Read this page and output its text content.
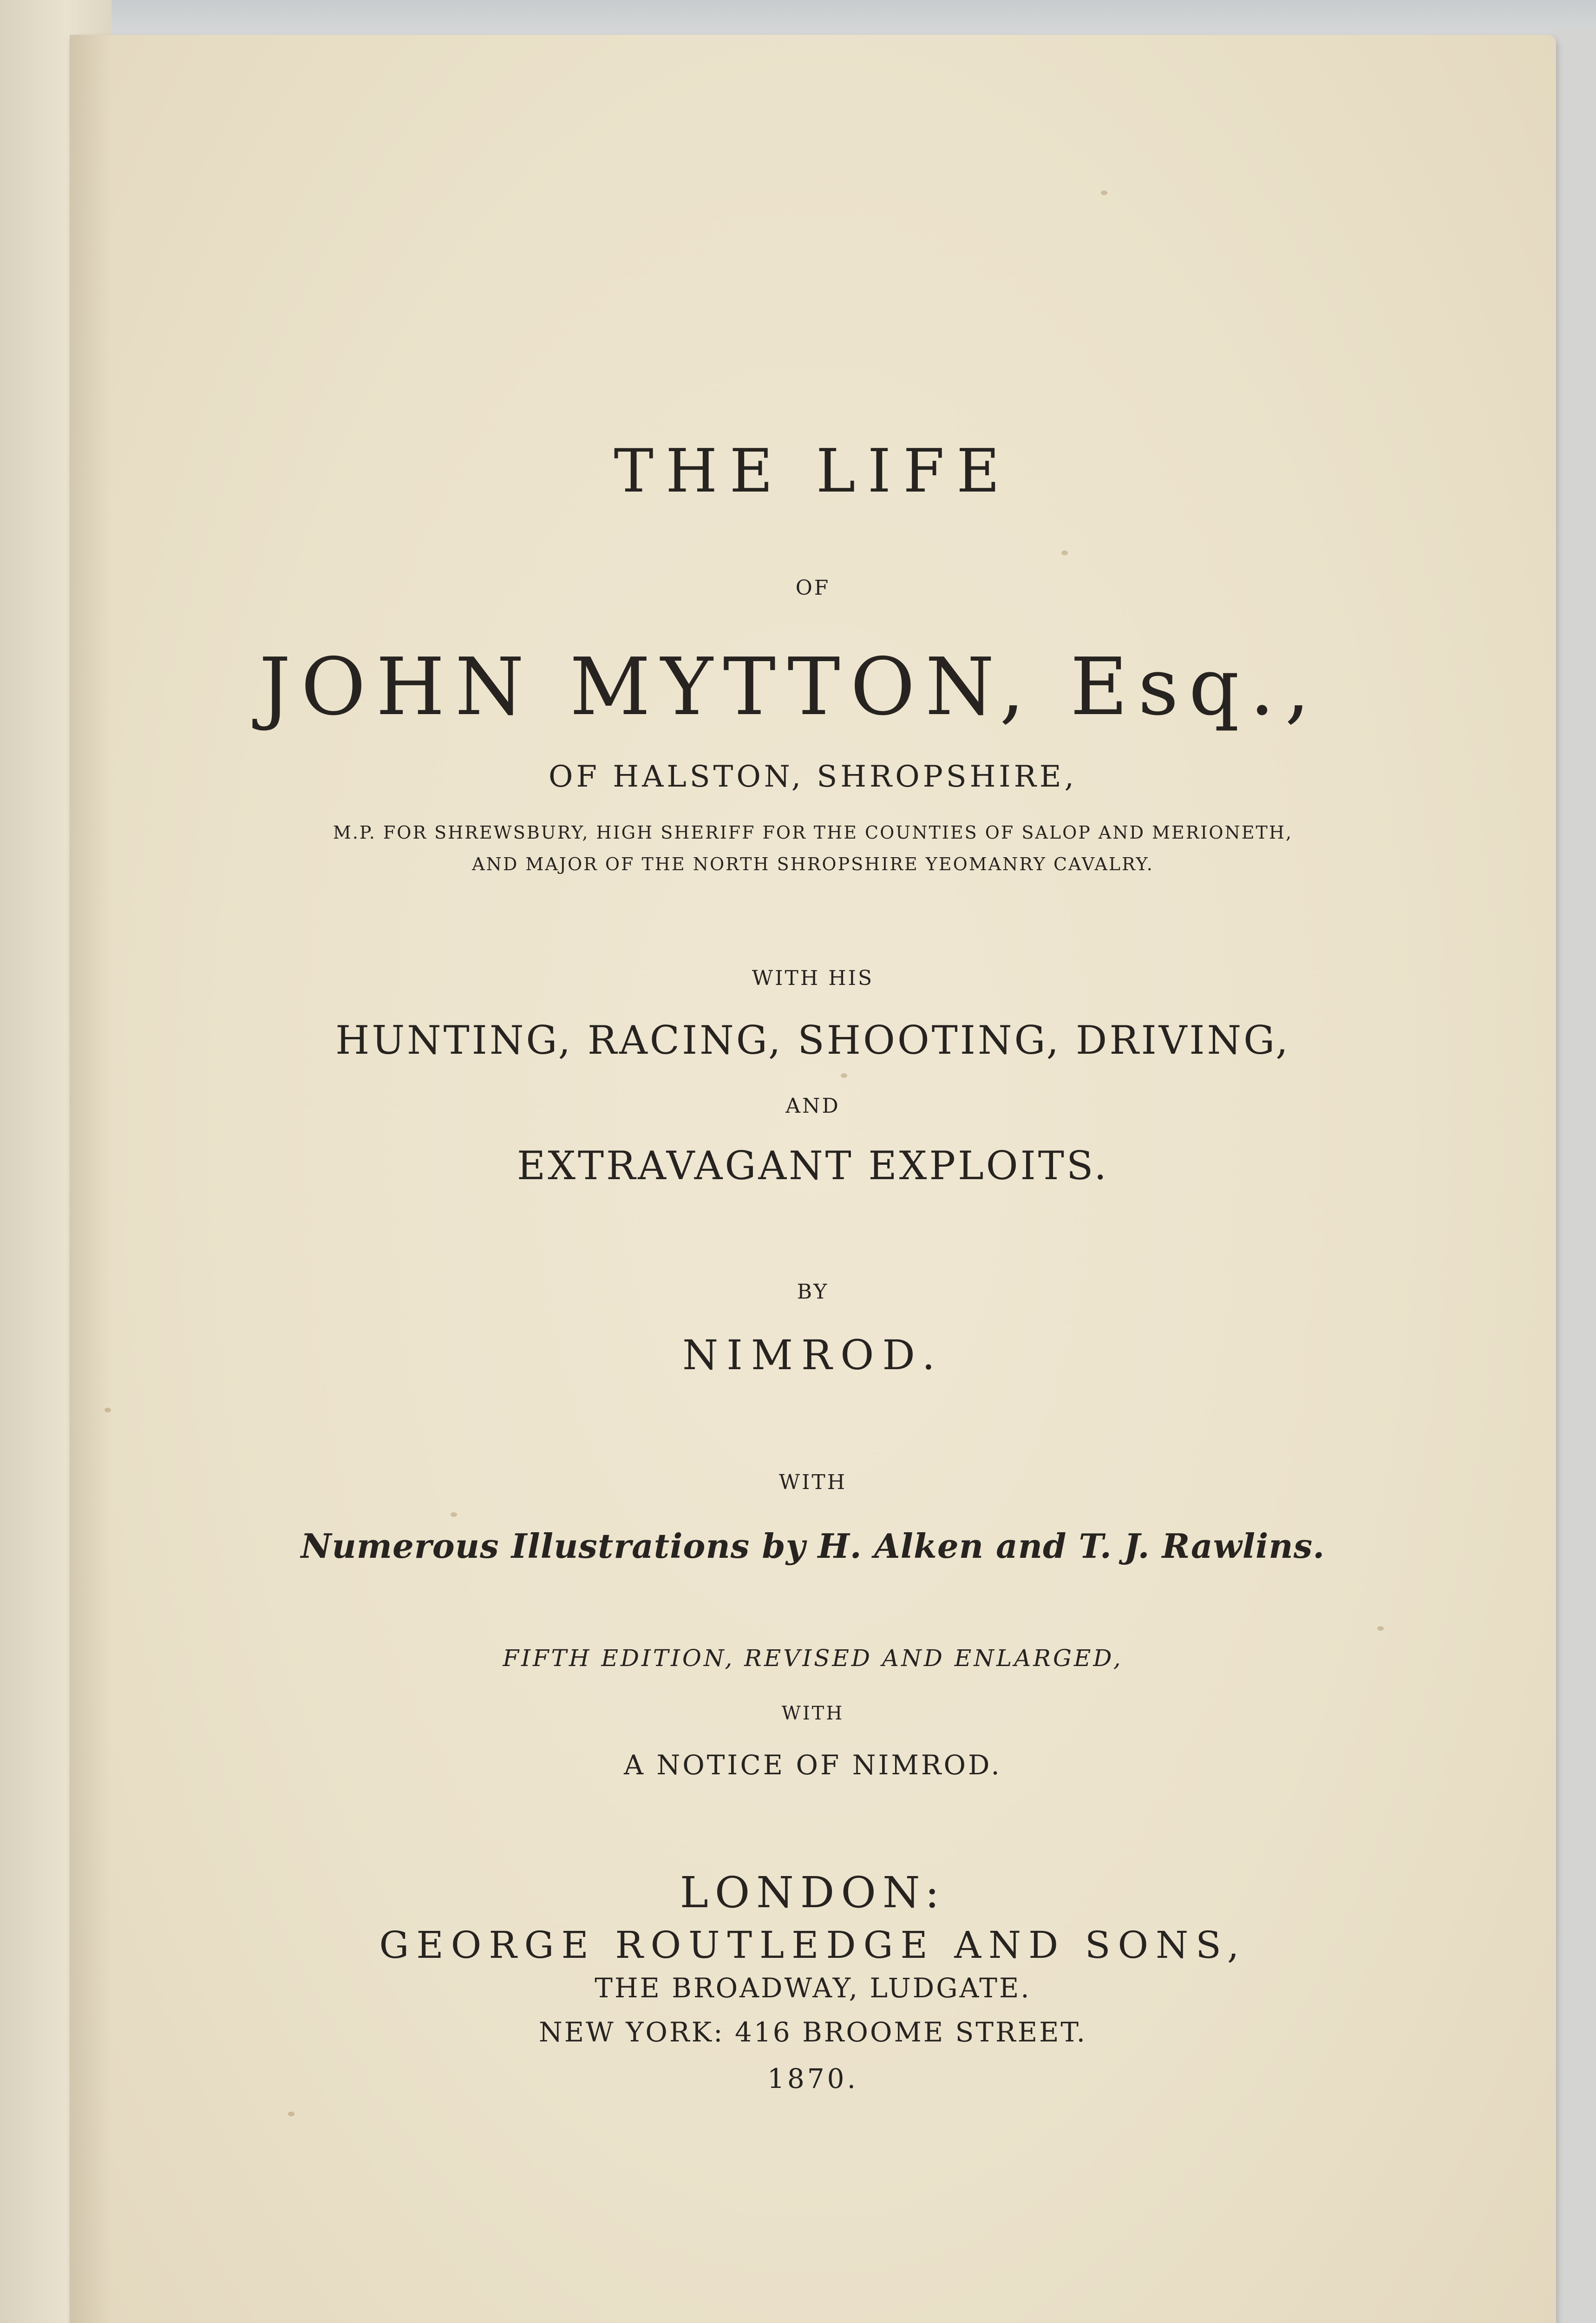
THE LIFE

OF

JOHN MYTTON, Esq.,

OF HALSTON, SHROPSHIRE,

M.P. FOR SHREWSBURY, HIGH SHERIFF FOR THE COUNTIES OF SALOP AND MERIONETH,

AND MAJOR OF THE NORTH SHROPSHIRE YEOMANRY CAVALRY.

WITH HIS

HUNTING, RACING, SHOOTING, DRIVING,

AND

EXTRAVAGANT EXPLOITS.

BY

NIMROD.

WITH

Numerous Illustrations by H. Alken and T. J. Rawlins.

FIFTH EDITION, REVISED AND ENLARGED,

WITH

A NOTICE OF NIMROD.

LONDON:

GEORGE ROUTLEDGE AND SONS,

THE BROADWAY, LUDGATE.

NEW YORK: 416 BROOME STREET.

1870.
